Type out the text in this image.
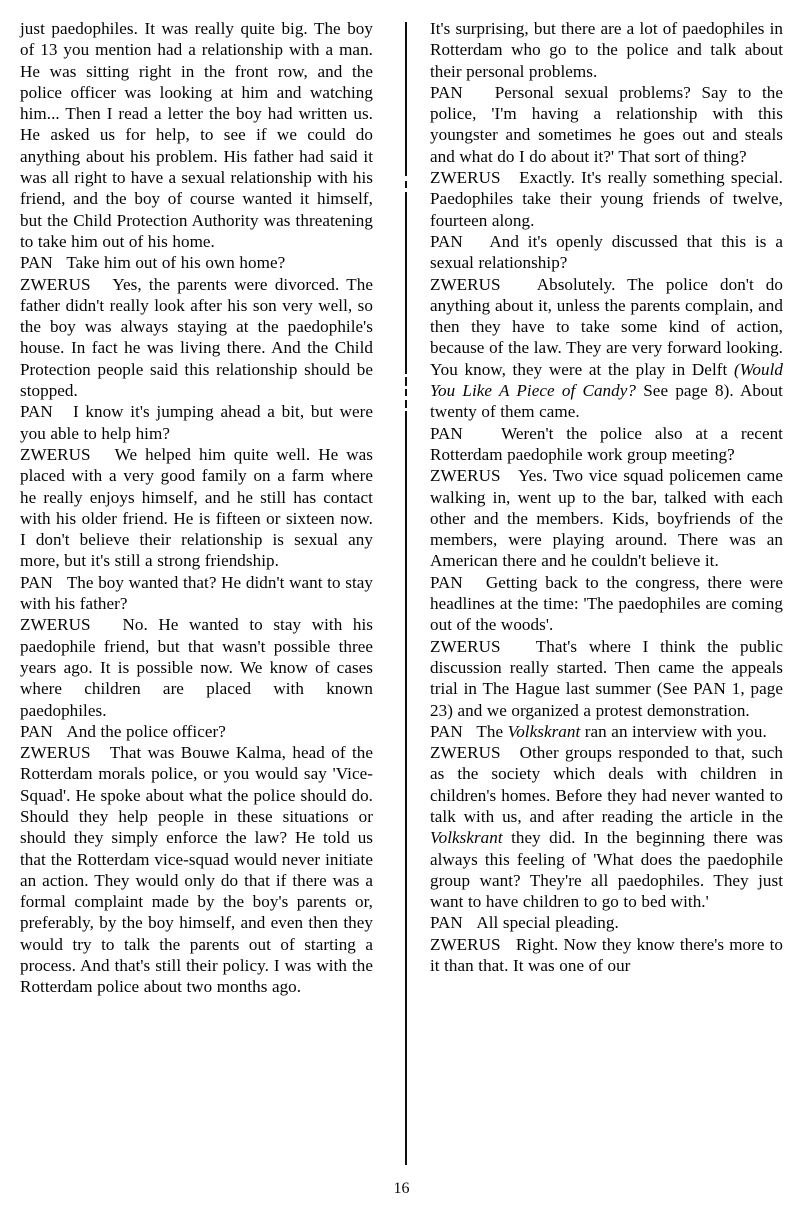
just paedophiles. It was really quite big. The boy of 13 you mention had a relationship with a man. He was sitting right in the front row, and the police officer was looking at him and watching him... Then I read a letter the boy had written us. He asked us for help, to see if we could do anything about his problem. His father had said it was all right to have a sexual relationship with his friend, and the boy of course wanted it himself, but the Child Protection Authority was threatening to take him out of his home.

PAN Take him out of his own home?

ZWERUS Yes, the parents were divorced. The father didn't really look after his son very well, so the boy was always staying at the paedophile's house. In fact he was living there. And the Child Protection people said this relationship should be stopped.

PAN I know it's jumping ahead a bit, but were you able to help him?

ZWERUS We helped him quite well. He was placed with a very good family on a farm where he really enjoys himself, and he still has contact with his older friend. He is fifteen or sixteen now. I don't believe their relationship is sexual any more, but it's still a strong friendship.

PAN The boy wanted that? He didn't want to stay with his father?

ZWERUS No. He wanted to stay with his paedophile friend, but that wasn't possible three years ago. It is possible now. We know of cases where children are placed with known paedophiles.

PAN And the police officer?

ZWERUS That was Bouwe Kalma, head of the Rotterdam morals police, or you would say 'Vice-Squad'. He spoke about what the police should do. Should they help people in these situations or should they simply enforce the law? He told us that the Rotterdam vice-squad would never initiate an action. They would only do that if there was a formal complaint made by the boy's parents or, preferably, by the boy himself, and even then they would try to talk the parents out of starting a process. And that's still their policy. I was with the Rotterdam police about two months ago.

It's surprising, but there are a lot of paedophiles in Rotterdam who go to the police and talk about their personal problems.

PAN Personal sexual problems? Say to the police, 'I'm having a relationship with this youngster and sometimes he goes out and steals and what do I do about it?' That sort of thing?

ZWERUS Exactly. It's really something special. Paedophiles take their young friends of twelve, fourteen along.

PAN And it's openly discussed that this is a sexual relationship?

ZWERUS Absolutely. The police don't do anything about it, unless the parents complain, and then they have to take some kind of action, because of the law. They are very forward looking. You know, they were at the play in Delft (Would You Like A Piece of Candy? See page 8). About twenty of them came.

PAN Weren't the police also at a recent Rotterdam paedophile work group meeting?

ZWERUS Yes. Two vice squad policemen came walking in, went up to the bar, talked with each other and the members. Kids, boyfriends of the members, were playing around. There was an American there and he couldn't believe it.

PAN Getting back to the congress, there were headlines at the time: 'The paedophiles are coming out of the woods'.

ZWERUS That's where I think the public discussion really started. Then came the appeals trial in The Hague last summer (See PAN 1, page 23) and we organized a protest demonstration.

PAN The Volkskrant ran an interview with you.

ZWERUS Other groups responded to that, such as the society which deals with children in children's homes. Before they had never wanted to talk with us, and after reading the article in the Volkskrant they did. In the beginning there was always this feeling of 'What does the paedophile group want? They're all paedophiles. They just want to have children to go to bed with.'

PAN All special pleading.

ZWERUS Right. Now they know there's more to it than that. It was one of our

16
